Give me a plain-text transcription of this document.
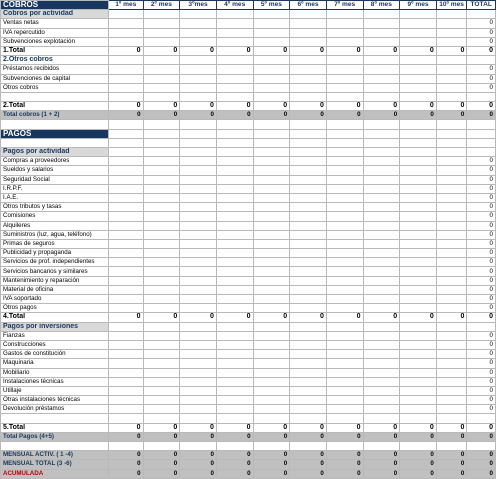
COBROS	1º mes	2º mes	3ºmes	4º mes	5º mes	6º mes	7º mes	8º mes	9º mes	10º mes	TOTAL
Cobros por actividad											
Ventas netas											0
IVA repercutido											0
Subvenciones explotación											0
1.Total	0	0	0	0	0	0	0	0	0	0	0
2.Otros cobros											
Préstamos recibidos											0
Subvenciones de capital											0
Otros cobros											0

2.Total	0	0	0	0	0	0	0	0	0	0	0
Total cobros (1 + 2)	0	0	0	0	0	0	0	0	0	0	0

PAGOS											

Pagos por actividad											
Compras a proveedores											0
Sueldos y salarios											0
Seguridad Social											0
I.R.P.F.											0
I.A.E.											0
Otros tributos y tasas											0
Comisiones											0
Alquileres											0
Suministros (luz, agua, teléfono)											0
Primas de seguros											0
Publicidad y propaganda											0
Servicios de prof. independientes											0
Servicios bancarios y similares											0
Mantenimiento y reparación											0
Material de oficina											0
IVA soportado											0
Otros pagos											0
4.Total	0	0	0	0	0	0	0	0	0	0	0
Pagos por inversiones											
Fianzas											0
Construcciones											0
Gastos de constitución											0
Maquinaria											0
Mobiliario											0
Instalaciones técnicas											0
Utillaje											0
Otras instalaciones técnicas											0
Devolución préstamos											0

5.Total	0	0	0	0	0	0	0	0	0	0	0
Total Pagos (4+5)	0	0	0	0	0	0	0	0	0	0	0

MENSUAL ACTIV. ( 1 -4)	0	0	0	0	0	0	0	0	0	0	0
MENSUAL TOTAL (3 -6)	0	0	0	0	0	0	0	0	0	0	0
ACUMULADA	0	0	0	0	0	0	0	0	0	0	0
